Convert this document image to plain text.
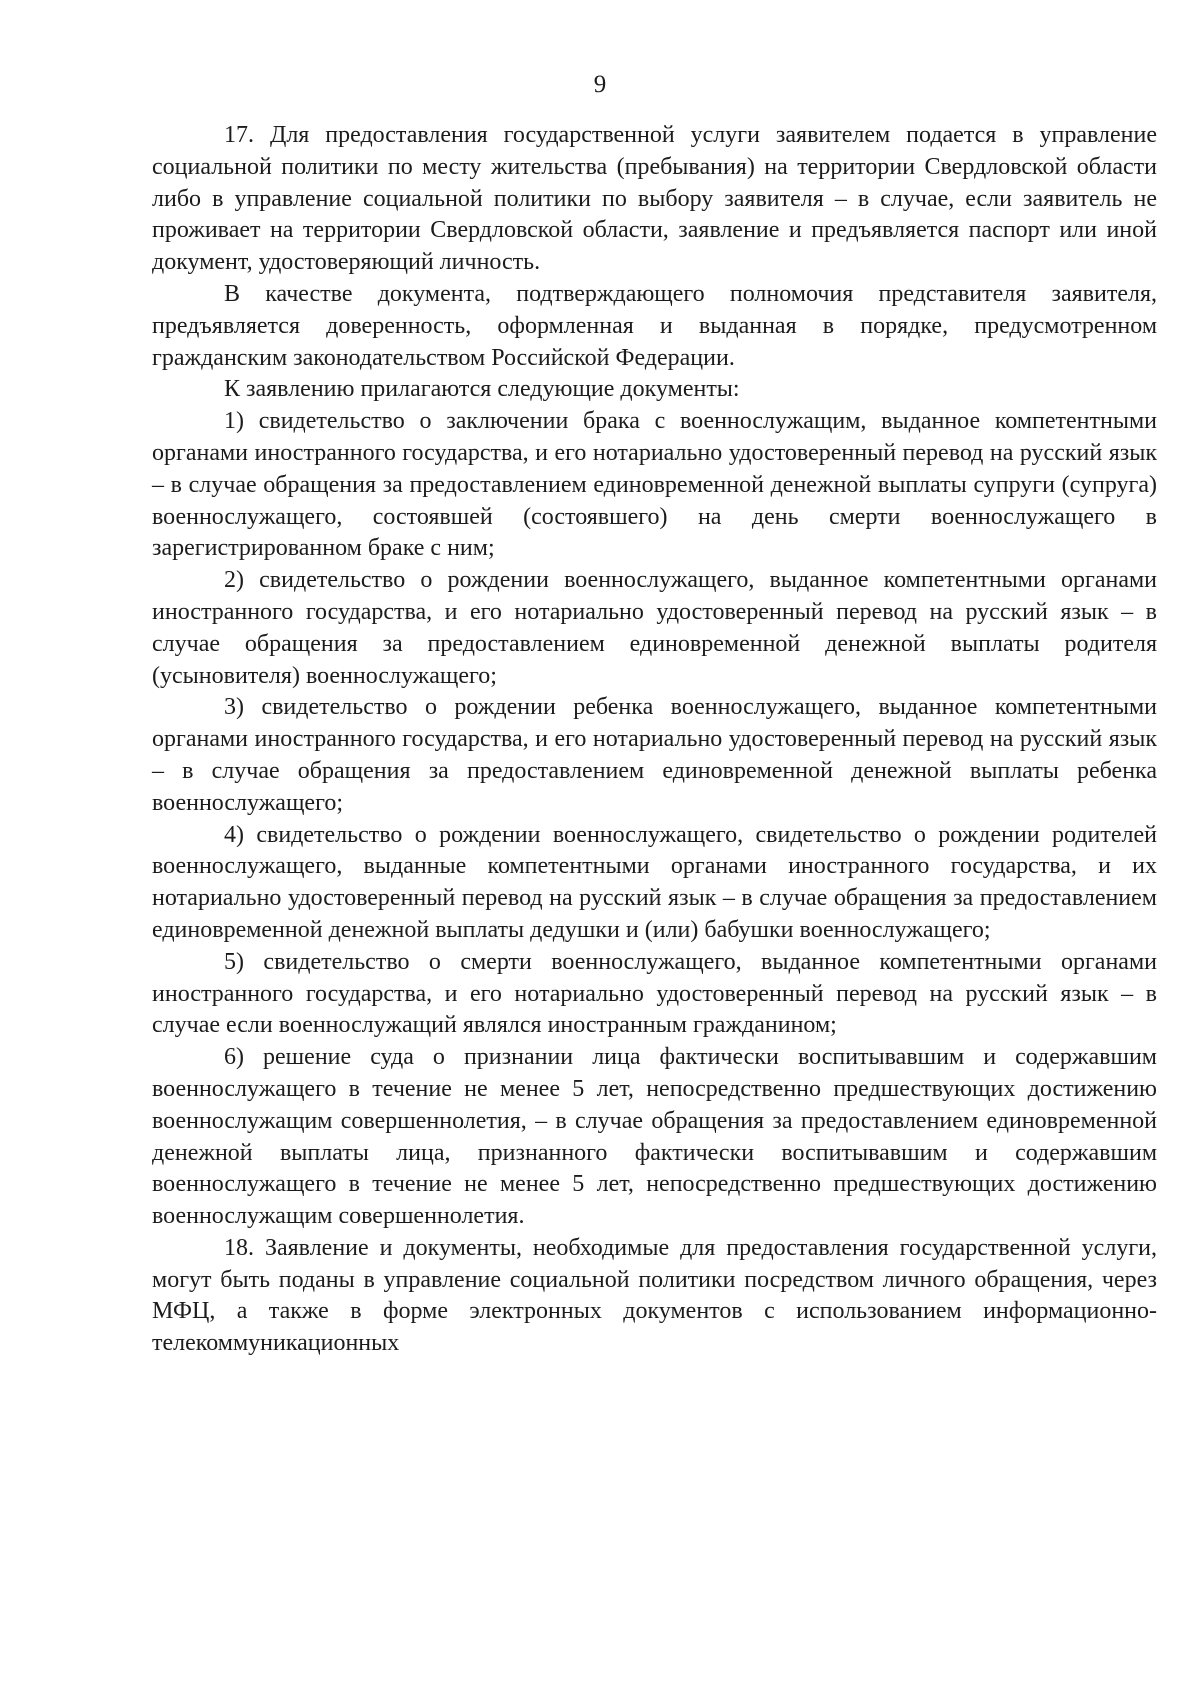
9

17. Для предоставления государственной услуги заявителем подается в управление социальной политики по месту жительства (пребывания) на территории Свердловской области либо в управление социальной политики по выбору заявителя – в случае, если заявитель не проживает на территории Свердловской области, заявление и предъявляется паспорт или иной документ, удостоверяющий личность.

В качестве документа, подтверждающего полномочия представителя заявителя, предъявляется доверенность, оформленная и выданная в порядке, предусмотренном гражданским законодательством Российской Федерации.

К заявлению прилагаются следующие документы:

1) свидетельство о заключении брака с военнослужащим, выданное компетентными органами иностранного государства, и его нотариально удостоверенный перевод на русский язык – в случае обращения за предоставлением единовременной денежной выплаты супруги (супруга) военнослужащего, состоявшей (состоявшего) на день смерти военнослужащего в зарегистрированном браке с ним;

2) свидетельство о рождении военнослужащего, выданное компетентными органами иностранного государства, и его нотариально удостоверенный перевод на русский язык – в случае обращения за предоставлением единовременной денежной выплаты родителя (усыновителя) военнослужащего;

3) свидетельство о рождении ребенка военнослужащего, выданное компетентными органами иностранного государства, и его нотариально удостоверенный перевод на русский язык – в случае обращения за предоставлением единовременной денежной выплаты ребенка военнослужащего;

4) свидетельство о рождении военнослужащего, свидетельство о рождении родителей военнослужащего, выданные компетентными органами иностранного государства, и их нотариально удостоверенный перевод на русский язык – в случае обращения за предоставлением единовременной денежной выплаты дедушки и (или) бабушки военнослужащего;

5) свидетельство о смерти военнослужащего, выданное компетентными органами иностранного государства, и его нотариально удостоверенный перевод на русский язык – в случае если военнослужащий являлся иностранным гражданином;

6) решение суда о признании лица фактически воспитывавшим и содержавшим военнослужащего в течение не менее 5 лет, непосредственно предшествующих достижению военнослужащим совершеннолетия, – в случае обращения за предоставлением единовременной денежной выплаты лица, признанного фактически воспитывавшим и содержавшим военнослужащего в течение не менее 5 лет, непосредственно предшествующих достижению военнослужащим совершеннолетия.

18. Заявление и документы, необходимые для предоставления государственной услуги, могут быть поданы в управление социальной политики посредством личного обращения, через МФЦ, а также в форме электронных документов с использованием информационно-телекоммуникационных
